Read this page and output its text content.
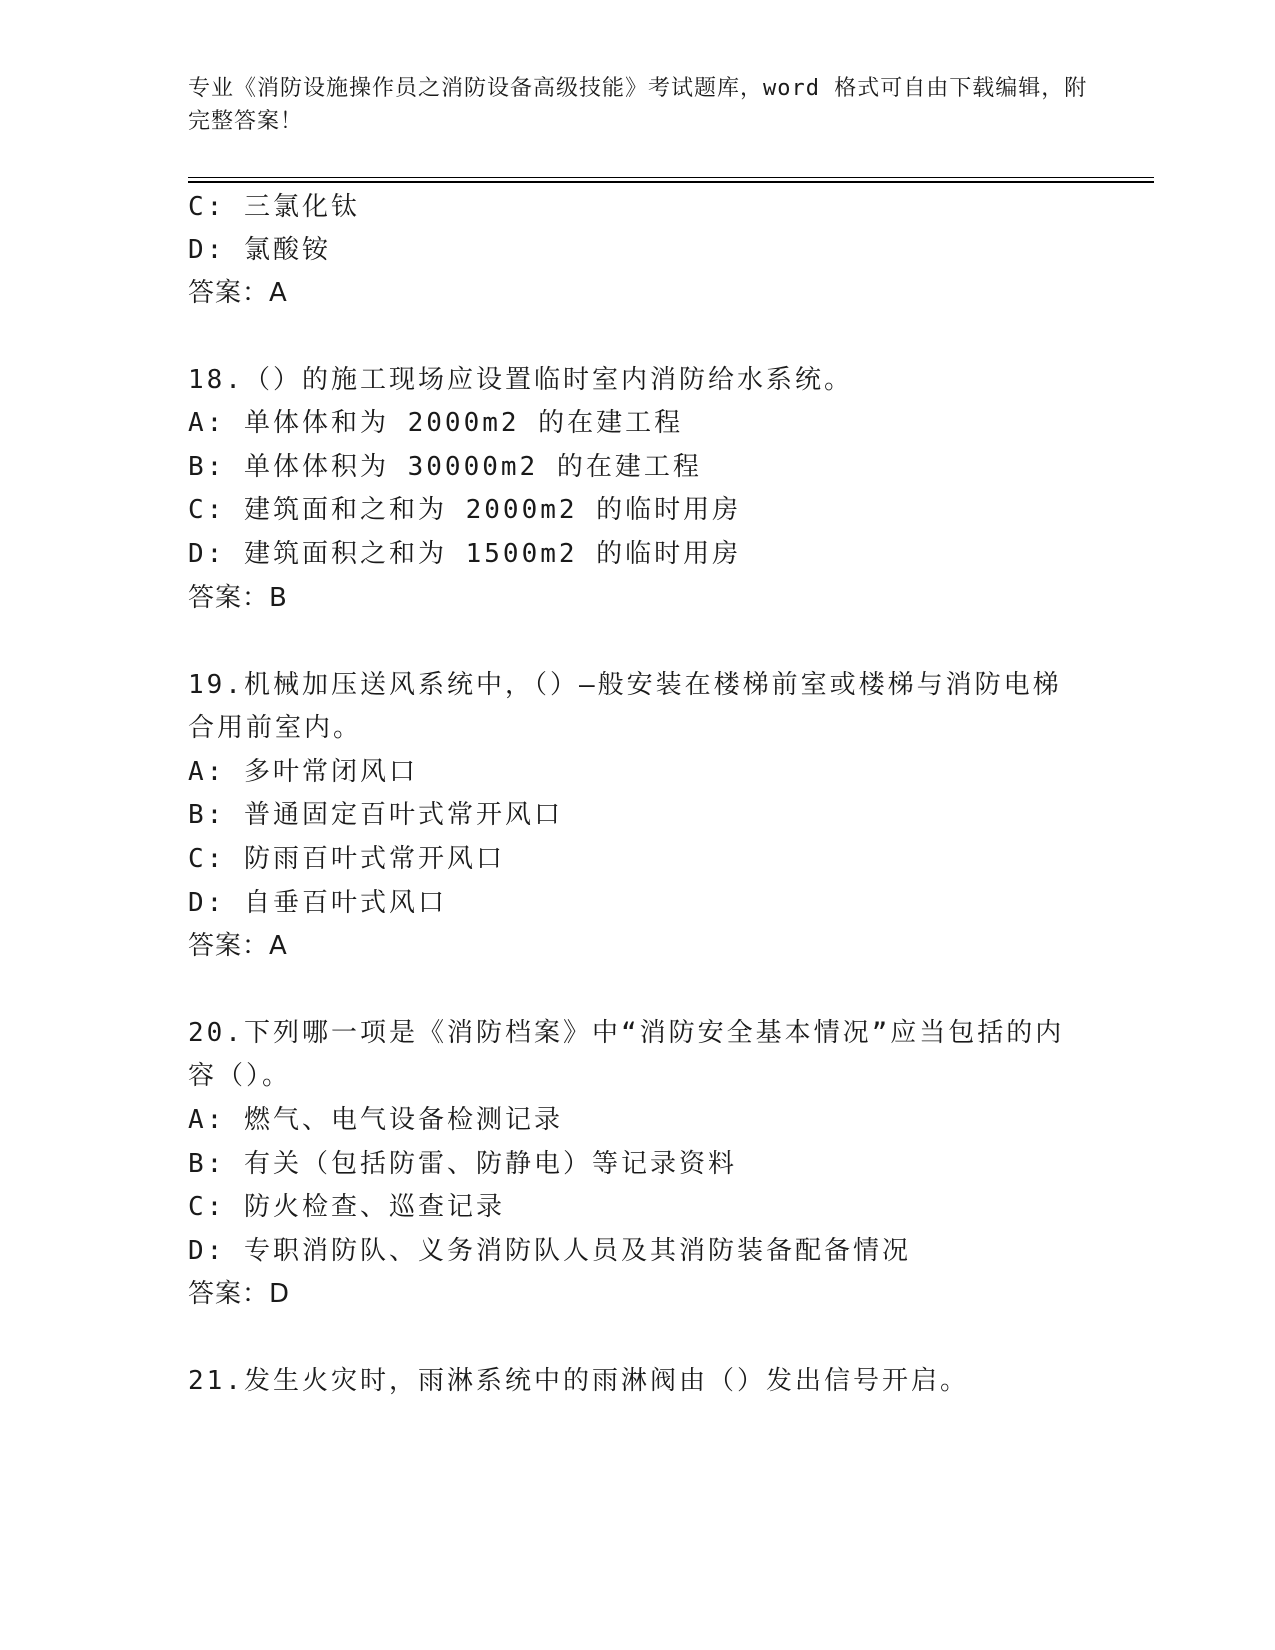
专业《消防设施操作员之消防设备高级技能》考试题库，word 格式可自由下载编辑，附完整答案！
C: 三氯化钛
D: 氯酸铵
答案：A
18.（）的施工现场应设置临时室内消防给水系统。
A: 单体体和为 2000m2 的在建工程
B: 单体体积为 30000m2 的在建工程
C: 建筑面和之和为 2000m2 的临时用房
D: 建筑面积之和为 1500m2 的临时用房
答案：B
19.机械加压送风系统中，（）—般安装在楼梯前室或楼梯与消防电梯
合用前室内。
A: 多叶常闭风口
B: 普通固定百叶式常开风口
C: 防雨百叶式常开风口
D: 自垂百叶式风口
答案：A
20.下列哪一项是《消防档案》中“消防安全基本情况”应当包括的内
容（）。
A: 燃气、电气设备检测记录
B: 有关（包括防雷、防静电）等记录资料
C: 防火检查、巡查记录
D: 专职消防队、义务消防队人员及其消防装备配备情况
答案：D
21.发生火灾时，雨淋系统中的雨淋阀由（）发出信号开启。
